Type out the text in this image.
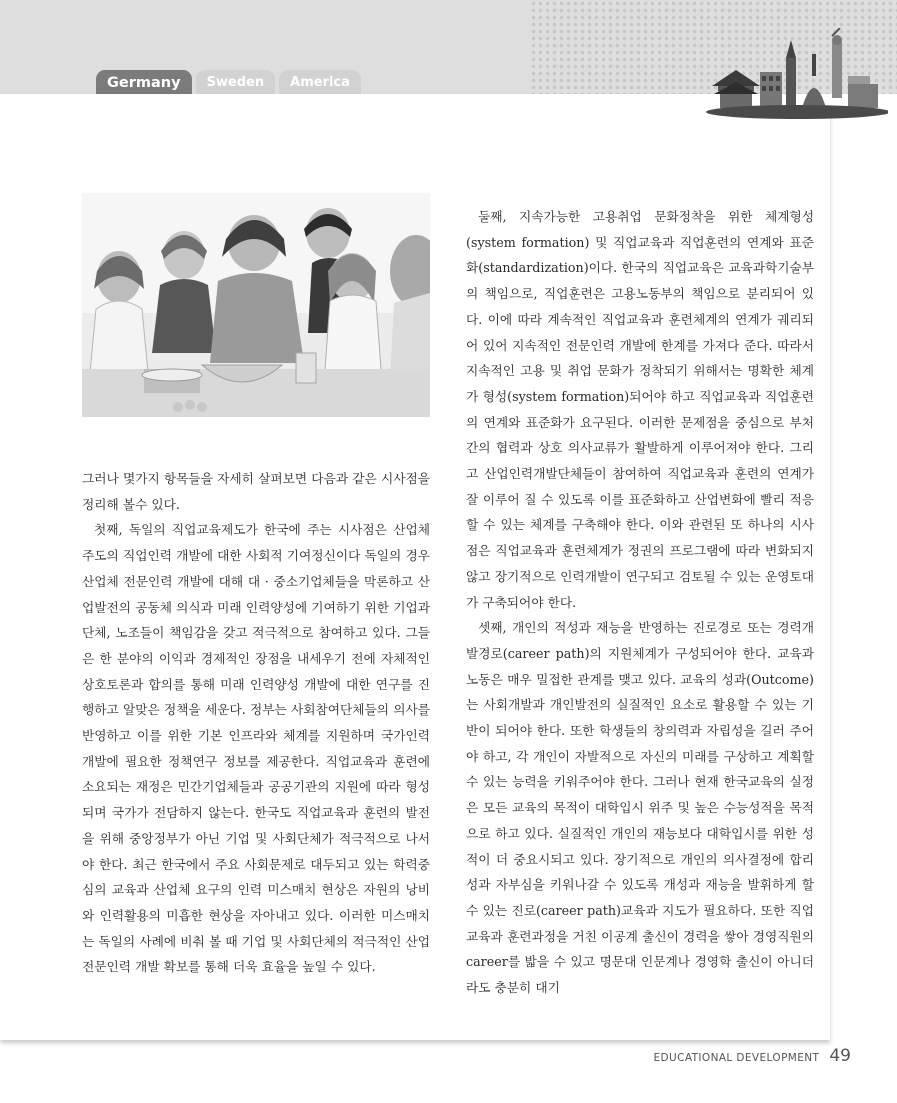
Germany	Sweden	America

그러나 몇가지 항목들을 자세히 살펴보면 다음과 같은 시사점을 정리해 볼수 있다.

첫째, 독일의 직업교육제도가 한국에 주는 시사점은 산업체 주도의 직업인력 개발에 대한 사회적 기여정신이다 독일의 경우 산업체 전문인력 개발에 대해 대 · 중소기업체들을 막론하고 산업발전의 공동체 의식과 미래 인력양성에 기여하기 위한 기업과 단체, 노조들이 책임감을 갖고 적극적으로 참여하고 있다. 그들은 한 분야의 이익과 경제적인 장점을 내세우기 전에 자체적인 상호토론과 합의를 통해 미래 인력양성 개발에 대한 연구를 진행하고 알맞은 정책을 세운다. 정부는 사회참여단체들의 의사를 반영하고 이를 위한 기본 인프라와 체계를 지원하며 국가인력 개발에 필요한 정책연구 정보를 제공한다. 직업교육과 훈련에 소요되는 재정은 민간기업체들과 공공기관의 지원에 따라 형성되며 국가가 전담하지 않는다. 한국도 직업교육과 훈련의 발전을 위해 중앙정부가 아닌 기업 및 사회단체가 적극적으로 나서야 한다. 최근 한국에서 주요 사회문제로 대두되고 있는 학력중심의 교육과 산업체 요구의 인력 미스매치 현상은 자원의 낭비와 인력활용의 미흡한 현상을 자아내고 있다. 이러한 미스매치는 독일의 사례에 비춰 볼 때 기업 및 사회단체의 적극적인 산업전문인력 개발 확보를 통해 더욱 효율을 높일 수 있다.

둘째, 지속가능한 고용취업 문화정착을 위한 체계형성(system formation) 및 직업교육과 직업훈련의 연계와 표준화(standardization)이다. 한국의 직업교육은 교육과학기술부의 책임으로, 직업훈련은 고용노동부의 책임으로 분리되어 있다. 이에 따라 계속적인 직업교육과 훈련체계의 연계가 궤리되어 있어 지속적인 전문인력 개발에 한계를 가져다 준다. 따라서 지속적인 고용 및 취업 문화가 정착되기 위해서는 명확한 체계가 형성(system formation)되어야 하고 직업교육과 직업훈련의 연계와 표준화가 요구된다. 이러한 문제점을 중심으로 부처 간의 협력과 상호 의사교류가 활발하게 이루어져야 한다. 그리고 산업인력개발단체들이 참여하여 직업교육과 훈련의 연계가 잘 이루어 질 수 있도록 이를 표준화하고 산업변화에 빨리 적응할 수 있는 체계를 구축해야 한다. 이와 관련된 또 하나의 시사점은 직업교육과 훈련체계가 정권의 프로그램에 따라 변화되지 않고 장기적으로 인력개발이 연구되고 검토될 수 있는 운영토대가 구축되어야 한다.

셋째, 개인의 적성과 재능을 반영하는 진로경로 또는 경력개발경로(career path)의 지원체계가 구성되어야 한다. 교육과 노동은 매우 밀접한 관계를 맺고 있다. 교육의 성과(Outcome)는 사회개발과 개인발전의 실질적인 요소로 활용할 수 있는 기반이 되어야 한다. 또한 학생들의 창의력과 자립성을 길러 주어야 하고, 각 개인이 자발적으로 자신의 미래를 구상하고 계획할 수 있는 능력을 키워주어야 한다. 그러나 현재 한국교육의 실정은 모든 교육의 목적이 대학입시 위주 및 높은 수능성적을 목적으로 하고 있다. 실질적인 개인의 재능보다 대학입시를 위한 성적이 더 중요시되고 있다. 장기적으로 개인의 의사결정에 합리성과 자부심을 키워나갈 수 있도록 개성과 재능을 발휘하게 할 수 있는 진로(career path)교육과 지도가 필요하다. 또한 직업교육과 훈련과정을 거친 이공계 출신이 경력을 쌓아 경영직원의 career를 밟을 수 있고 명문대 인문계나 경영학 출신이 아니더라도 충분히 대기

EDUCATIONAL DEVELOPMENT 49
